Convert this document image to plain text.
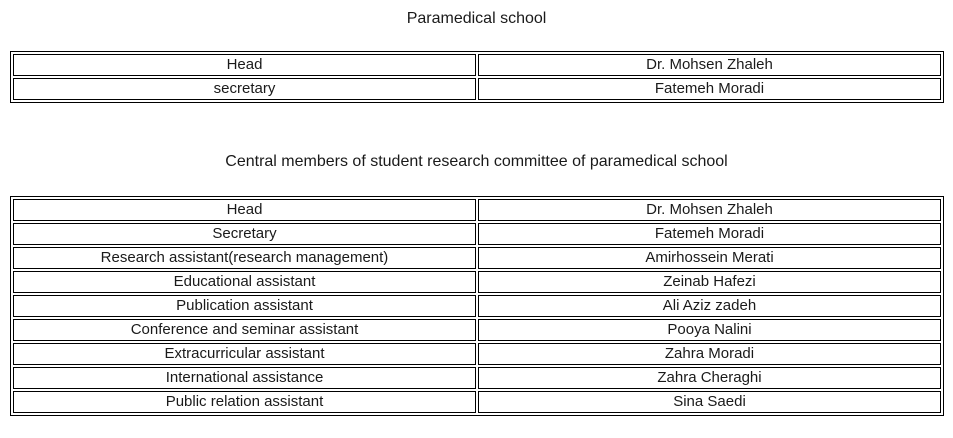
Paramedical school
Head	Dr. Mohsen Zhaleh
secretary	Fatemeh Moradi
Central members of student research committee of paramedical school
Head	Dr. Mohsen Zhaleh
Secretary	Fatemeh Moradi
Research assistant(research management)	Amirhossein Merati
Educational assistant	Zeinab Hafezi
Publication assistant	Ali Aziz zadeh
Conference and seminar assistant	Pooya Nalini
Extracurricular assistant	Zahra Moradi
International assistance	Zahra Cheraghi
Public relation assistant	Sina Saedi
